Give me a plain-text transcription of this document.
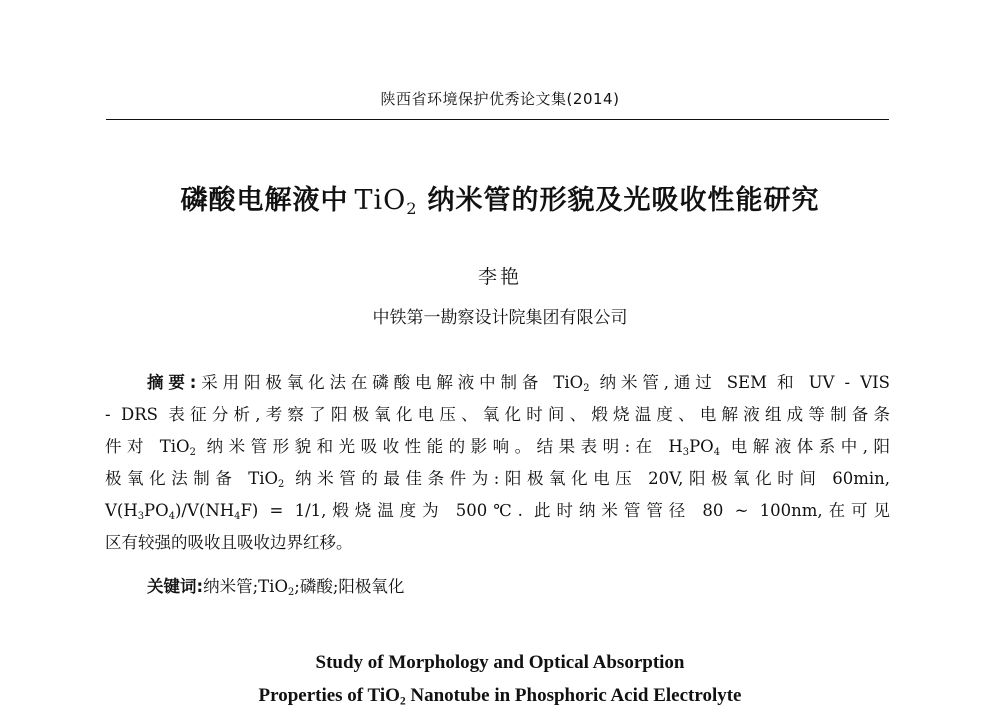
陕西省环境保护优秀论文集(2014)
磷酸电解液中 TiO$_2$ 纳米管的形貌及光吸收性能研究
李艳
中铁第一勘察设计院集团有限公司
摘要:采用阳极氧化法在磷酸电解液中制备 TiO$_2$ 纳米管,通过 SEM 和 UV - VIS
- DRS 表征分析,考察了阳极氧化电压、氧化时间、煅烧温度、电解液组成等制备条
件对 TiO$_2$ 纳米管形貌和光吸收性能的影响。结果表明:在 $H_3PO_4$ 电解液体系中,阳
极氧化法制备 TiO$_2$ 纳米管的最佳条件为:阳极氧化电压 20V,阳极氧化时间 60min,
$V(H_3PO_4)/V(NH_4F) = 1/1$,煅烧温度为 500℃. 此时纳米管管径 80 ~ 100nm,在可见
区有较强的吸收且吸收边界红移。
关键词:纳米管;TiO$_2$;磷酸;阳极氧化
Study of Morphology and Optical Absorption
Properties of TiO$_2$ Nanotube in Phosphoric Acid Electrolyte
